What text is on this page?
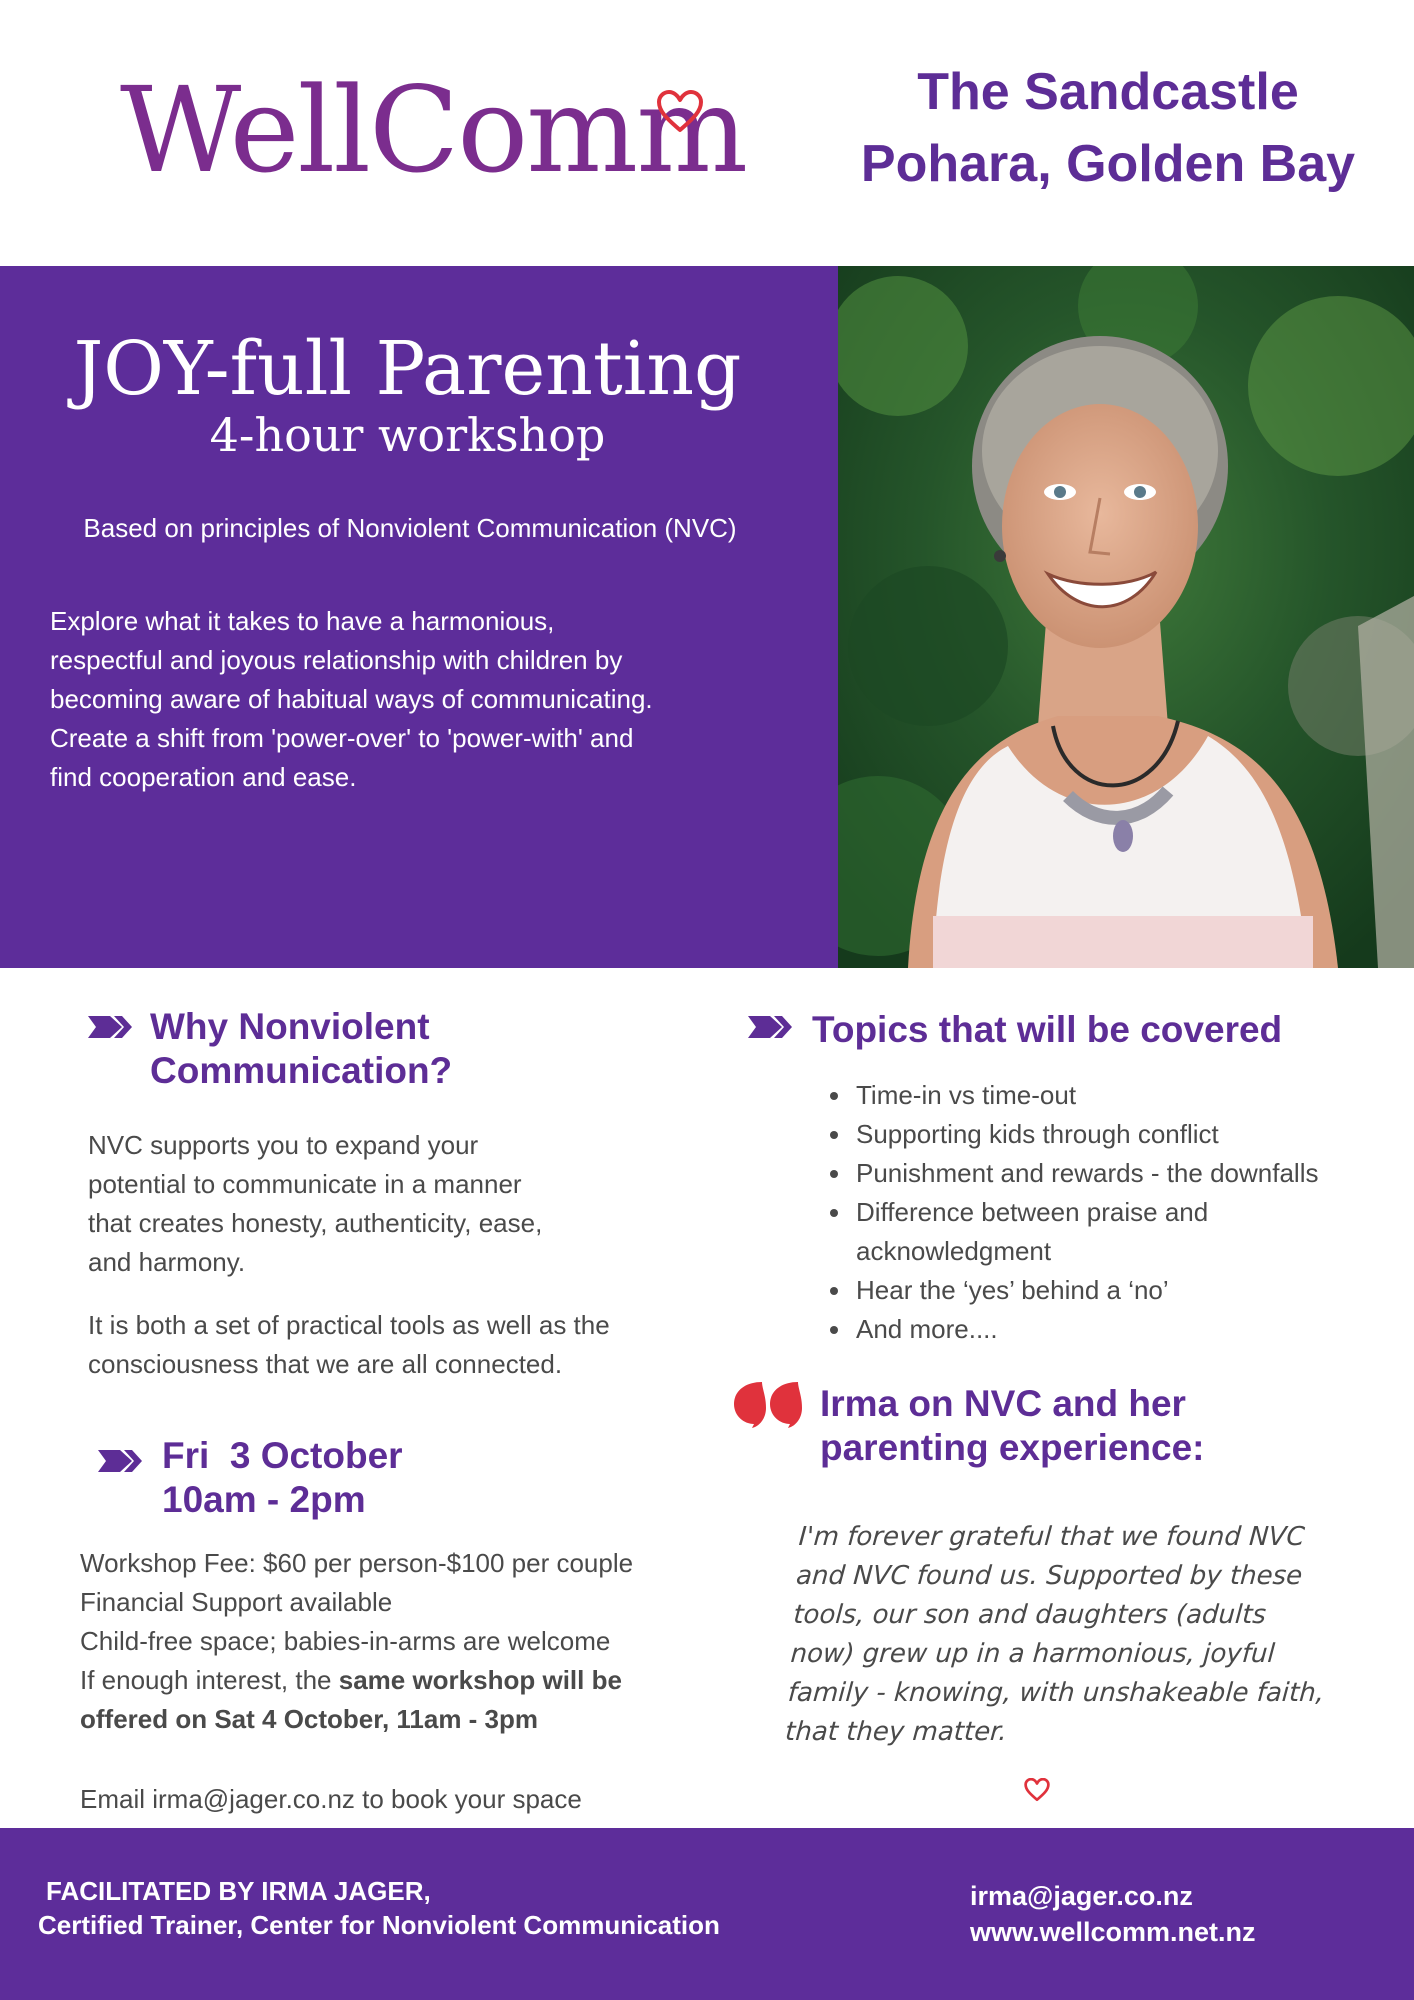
WellComm	The Sandcastle
Pohara, Golden Bay
JOY-full Parenting
4-hour workshop
Based on principles of Nonviolent Communication (NVC)
Explore what it takes to have a harmonious,
respectful and joyous relationship with children by
becoming aware of habitual ways of communicating.
Create a shift from 'power-over' to 'power-with' and
find cooperation and ease.
Why Nonviolent
Communication?
NVC supports you to expand your
potential to communicate in a manner
that creates honesty, authenticity, ease,
and harmony.
It is both a set of practical tools as well as the
consciousness that we are all connected.
Fri  3 October
10am - 2pm
Workshop Fee: $60 per person-$100 per couple
Financial Support available
Child-free space; babies-in-arms are welcome
If enough interest, the same workshop will be
offered on Sat 4 October, 11am - 3pm
Email irma@jager.co.nz to book your space
Topics that will be covered
Time-in vs time-out
Supporting kids through conflict
Punishment and rewards - the downfalls
Difference between praise and
acknowledgment
Hear the ‘yes’ behind a ‘no’
And more....
Irma on NVC and her
parenting experience:
I'm forever grateful that we found NVC
and NVC found us. Supported by these
tools, our son and daughters (adults
now) grew up in a harmonious, joyful
family - knowing, with unshakeable faith,
that they matter.
FACILITATED BY IRMA JAGER,
Certified Trainer, Center for Nonviolent Communication
irma@jager.co.nz
www.wellcomm.net.nz
